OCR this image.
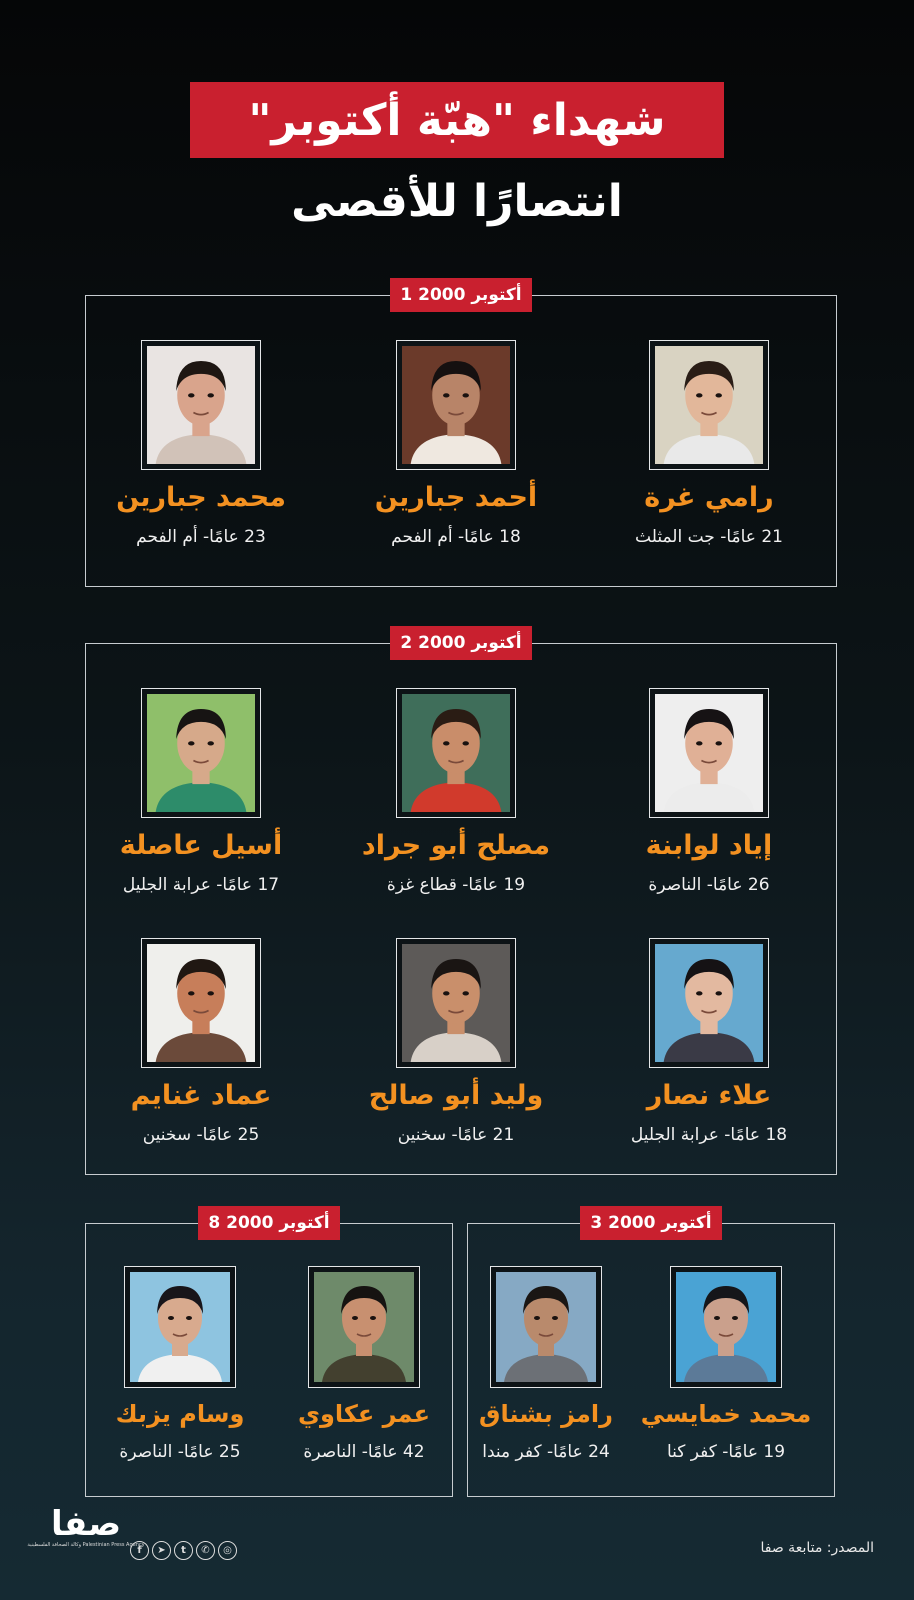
شهداء "هبّة أكتوبر"
انتصارًا للأقصى
1 أكتوبر 2000
رامي غرة
21 عامًا- جت المثلث
أحمد جبارين
18 عامًا- أم الفحم
محمد جبارين
23 عامًا- أم الفحم
2 أكتوبر 2000
إياد لوابنة
26 عامًا- الناصرة
مصلح أبو جراد
19 عامًا- قطاع غزة
أسيل عاصلة
17 عامًا- عرابة الجليل
علاء نصار
18 عامًا- عرابة الجليل
وليد أبو صالح
21 عامًا- سخنين
عماد غنايم
25 عامًا- سخنين
3 أكتوبر 2000
محمد خمايسي
19 عامًا- كفر كنا
رامز بشناق
24 عامًا- كفر مندا
8 أكتوبر 2000
عمر عكاوي
42 عامًا- الناصرة
وسام يزبك
25 عامًا- الناصرة
صفا
وكالة الصحافة الفلسطينية Palestinian Press Agency
f	➤	t	✆	◎	المصدر: متابعة صفا
